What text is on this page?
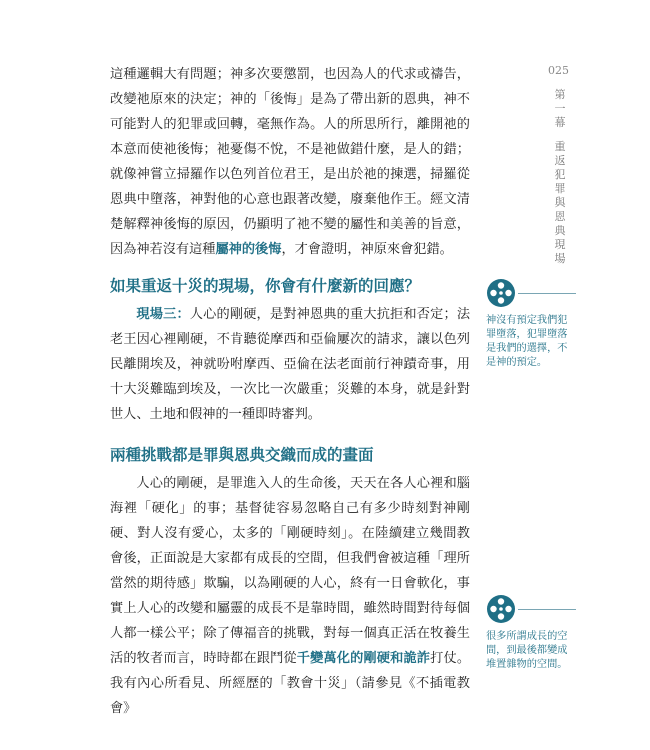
這種邏輯大有問題；神多次要懲罰，也因為人的代求或禱告，改變祂原來的決定；神的「後悔」是為了帶出新的恩典，神不可能對人的犯罪或回轉，毫無作為。人的所思所行，離開祂的本意而使祂後悔；祂憂傷不悅，不是祂做錯什麼，是人的錯；就像神嘗立掃羅作以色列首位君王，是出於祂的揀選，掃羅從恩典中墮落，神對他的心意也跟著改變，廢棄他作王。經文清楚解釋神後悔的原因，仍顯明了祂不變的屬性和美善的旨意，因為神若沒有這種屬神的後悔，才會證明，神原來會犯錯。

如果重返十災的現場，你會有什麼新的回應？

現場三：人心的剛硬，是對神恩典的重大抗拒和否定；法老王因心裡剛硬，不肯聽從摩西和亞倫屢次的請求，讓以色列民離開埃及，神就吩咐摩西、亞倫在法老面前行神蹟奇事，用十大災難臨到埃及，一次比一次嚴重；災難的本身，就是針對世人、土地和假神的一種即時審判。

兩種挑戰都是罪與恩典交織而成的畫面

人心的剛硬，是罪進入人的生命後，天天在各人心裡和腦海裡「硬化」的事；基督徒容易忽略自己有多少時刻對神剛硬、對人沒有愛心，太多的「剛硬時刻」。在陸續建立幾間教會後，正面說是大家都有成長的空間，但我們會被這種「理所當然的期待感」欺騙，以為剛硬的人心，終有一日會軟化，事實上人心的改變和屬靈的成長不是靠時間，雖然時間對待每個人都一樣公平；除了傳福音的挑戰，對每一個真正活在牧養生活的牧者而言，時時都在跟鬥從千變萬化的剛硬和詭詐打仗。我有內心所看見、所經歷的「教會十災」（請參見《不插電教會》

025
第一幕
重返犯罪與恩典現場
神沒有預定我們犯罪墮落，犯罪墮落是我們的選擇，不是神的預定。
很多所謂成長的空間，到最後都變成堆置雜物的空間。
